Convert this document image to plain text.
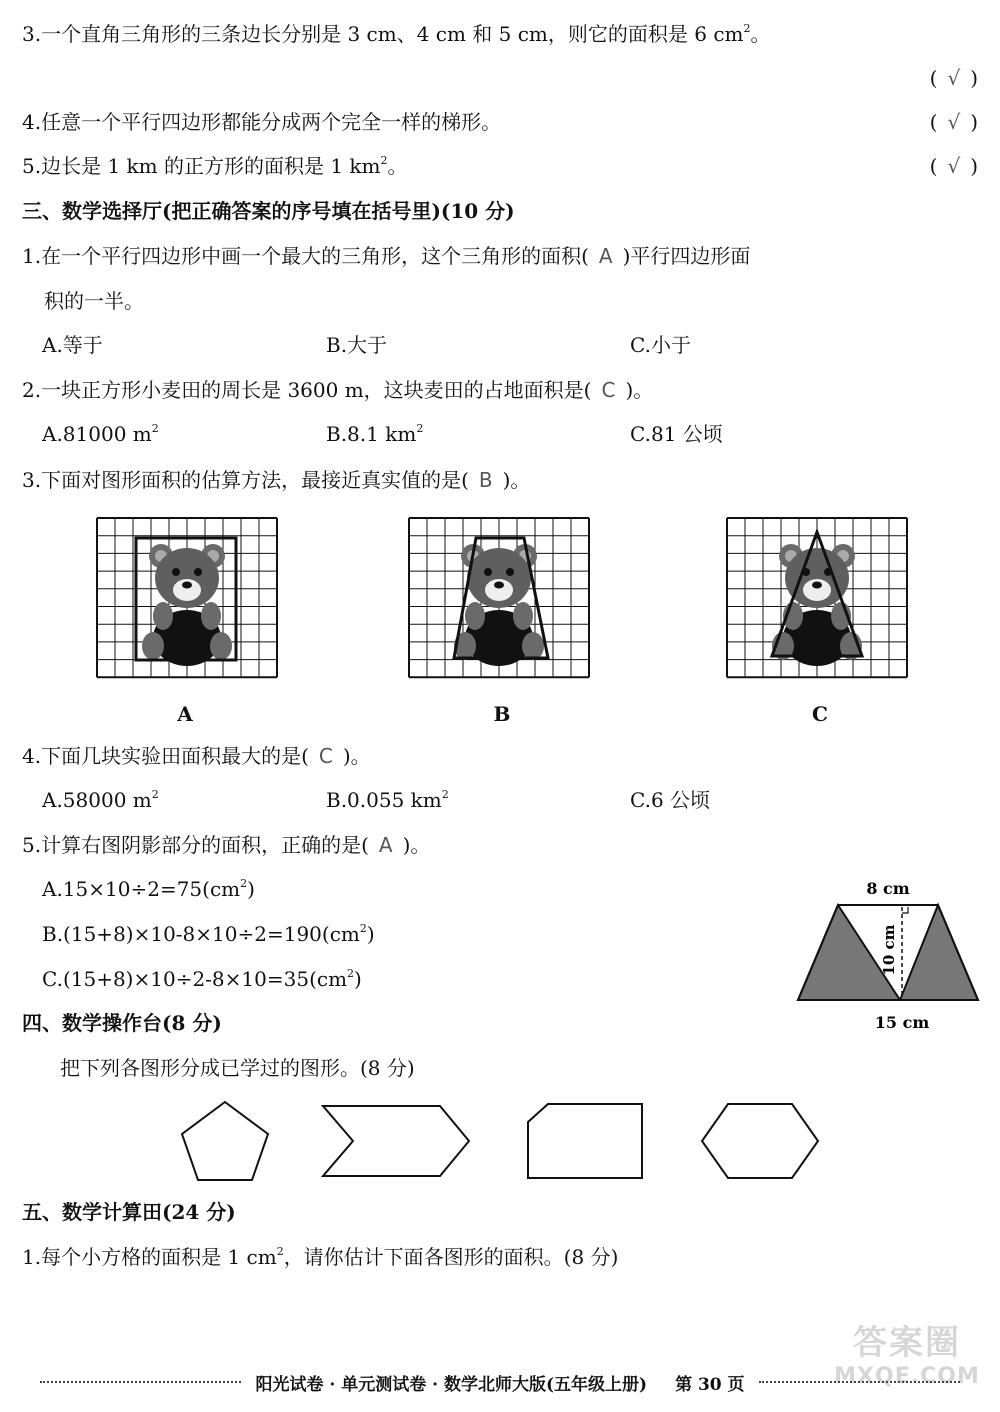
3.一个直角三角形的三条边长分别是 3 cm、4 cm 和 5 cm，则它的面积是 6 $cm^2$。
( √ )
4.任意一个平行四边形都能分成两个完全一样的梯形。	( √ )
5.边长是 1 km 的正方形的面积是 1 $km^2$。	( √ )
三、数学选择厅(把正确答案的序号填在括号里)(10 分)
1.在一个平行四边形中画一个最大的三角形，这个三角形的面积( A )平行四边形面
积的一半。
A.等于	B.大于	C.小于
2.一块正方形小麦田的周长是 3600 m，这块麦田的占地面积是( C )。
A.81000 $m^2$	B.8.1 $km^2$	C.81 公顷
3.下面对图形面积的估算方法，最接近真实值的是( B )。
A	B	C
4.下面几块实验田面积最大的是( C )。
A.58000 $m^2$	B.0.055 $km^2$	C.6 公顷
5.计算右图阴影部分的面积，正确的是( A )。
$A.15\times 10\div 2=75(cm^2)$
$B.(15+8)\times 10-8\times 10\div 2=190(cm^2)$
$C.(15+8)\times 10\div 2-8\times 10=35(cm^2)$
8 cm
10 cm
15 cm
四、数学操作台(8 分)
把下列各图形分成已学过的图形。(8 分)
五、数学计算田(24 分)
1.每个小方格的面积是 1 $cm^2$，请你估计下面各图形的面积。(8 分)
答案圈
MXQE.COM
阳光试卷 · 单元测试卷 · 数学北师大版(五年级上册)	第 30 页
